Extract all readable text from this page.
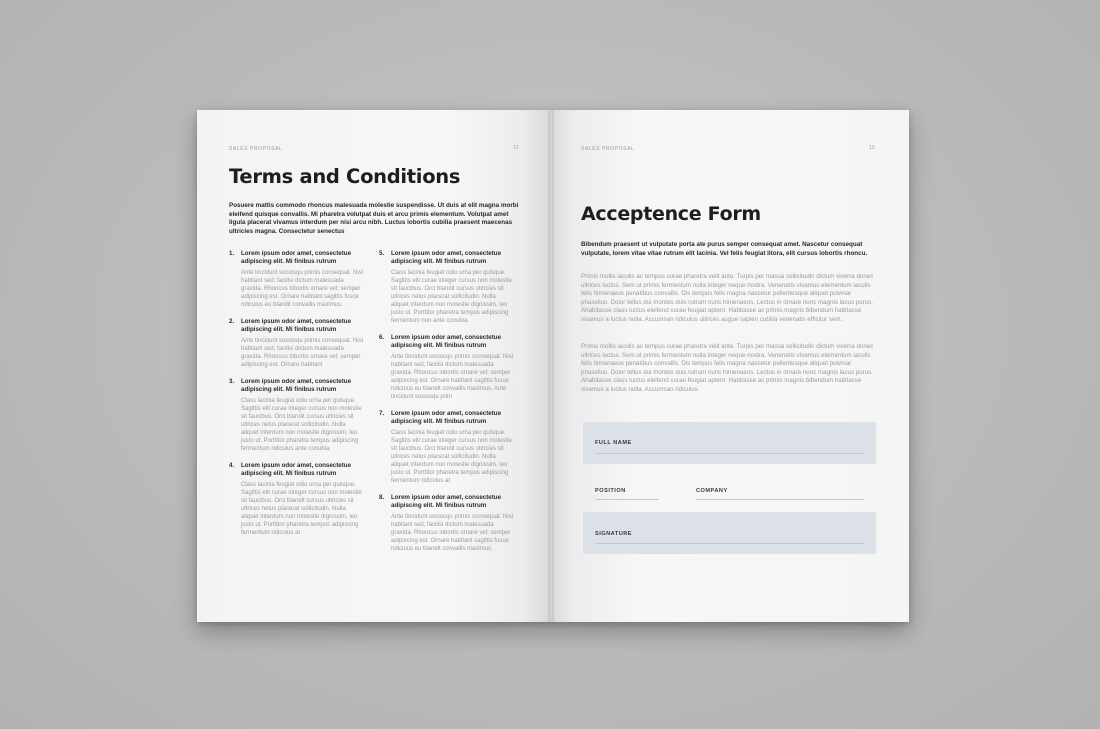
SALES PROPOSAL	12
Terms and Conditions
Posuere mattis commodo rhoncus malesuada molestie suspendisse. Ut duis at elit magna morbi eleifend quisque convallis. Mi pharetra volutpat duis et arcu primis elementum. Volutpat amet ligula placerat vivamus interdum per nisi arcu nibh. Luctus lobortis cubilia praesent maecenas ultricies magna. Consectetur senectus
1. Lorem ipsum odor amet, consectetue adipiscing elit. Mi finibus rutrum
Ante tincidunt sociosqu primis consequat. Nisl habitant sed; facilisi dictum malesuada gravida. Rhoncus lobortis ornare vel; semper adipiscing est. Ornare habitant sagittis fusce ridiculus eu blandit convallis maximus.
2. Lorem ipsum odor amet, consectetue adipiscing elit. Mi finibus rutrum
Ante tincidunt sociosqu primis consequat. Nisl habitant sed; facilisi dictum malesuada gravida. Rhoncus lobortis ornare vel; semper adipiscing est. Ornare habitant
3. Lorem ipsum odor amet, consectetue adipiscing elit. Mi finibus rutrum
Class lacinia feugiat odio urna per quisque. Sagittis elit curae integer cursus non molestie sit faucibus. Orci blandit cursus ultricies sit ultrices netus placerat sollicitudin. Nulla aliquet interdum non molestie dignissim, leo justo ut. Porttitor pharetra tempus adipiscing fermentum ridiculus ante conubia.
4. Lorem ipsum odor amet, consectetue adipiscing elit. Mi finibus rutrum
Class lacinia feugiat odio urna per quisque. Sagittis elit curae integer cursus non molestie sit faucibus. Orci blandit cursus ultricies sit ultrices netus placerat sollicitudin. Nulla aliquet interdum non molestie dignissim, leo justo ut. Porttitor pharetra tempus adipiscing fermentum ridiculus at
5. Lorem ipsum odor amet, consectetue adipiscing elit. Mi finibus rutrum
Class lacinia feugiat odio urna per quisque. Sagittis elit curae integer cursus non molestie sit faucibus. Orci blandit cursus ultricies sit ultrices netus placerat sollicitudin. Nulla aliquet interdum non molestie dignissim, leo justo ut. Porttitor pharetra tempus adipiscing fermentum non ante conubia.
6. Lorem ipsum odor amet, consectetue adipiscing elit. Mi finibus rutrum
Ante tincidunt sociosqu primis consequat. Nisl habitant sed; facilisi dictum malesuada gravida. Rhoncus lobortis ornare vel; semper adipiscing est. Ornare habitant sagittis fusce ridiculus eu blandit convallis maximus. Ante tincidunt sociosqu prim
7. Lorem ipsum odor amet, consectetue adipiscing elit. Mi finibus rutrum
Class lacinia feugiat odio urna per quisque. Sagittis elit curae integer cursus non molestie sit faucibus. Orci blandit cursus ultricies sit ultrices netus placerat sollicitudin. Nulla aliquet interdum non molestie dignissim, leo justo ut. Porttitor pharetra tempus adipiscing fermentum ridiculus at
8. Lorem ipsum odor amet, consectetue adipiscing elit. Mi finibus rutrum
Ante tincidunt sociosqu primis consequat. Nisl habitant sed; facilisi dictum malesuada gravida. Rhoncus lobortis ornare vel; semper adipiscing est. Ornare habitant sagittis fusce ridiculus eu blandit convallis maximus.
SALES PROPOSAL	13
Acceptence Form
Bibendum praesent ut vulputate porta ate purus semper consequat amet. Nascetur consequat vulputate, lorem vitae vitae rutrum elit lacinia. Vel felis feugiat litora, elit cursus lobortis rhoncu.
Primis mollis iaculis ac tempus curae pharetra velit ante. Turpis per massa sollicitudin dictum viverra donec ultrices luctus. Sem ut primis fermentum nulla integer neque nostra. Venenatis vivamus elementum iaculis felis himenaeos penatibus convallis. Dis tempus felis magna nascetur pellentesque aliquet pulvinar phasellus. Dolor tellus dui montes duis rutrum nunc himenaeos. Lectus in ornare nunc magnis lacus purus. Ahabitasse class luctus eleifend curae feugiat aptent. Habitasse ac primis magnis bibendum habitasse vivamus a luctus nulla. Accumsan ridiculus ultrices augue sapien cubilia venenatis efficitur sem.
Primis mollis iaculis ac tempus curae pharetra velit ante. Turpis per massa sollicitudin dictum viverra donec ultrices luctus. Sem ut primis fermentum nulla integer neque nostra. Venenatis vivamus elementum iaculis felis himenaeos penatibus convallis. Dis tempus felis magna nascetur pellentesque aliquet pulvinar phasellus. Dolor tellus dui montes duis rutrum nunc himenaeos. Lectus in ornare nunc magnis lacus purus. Ahabitasse class luctus eleifend curae feugiat aptent. Habitasse ac primis magnis bibendum habitasse vivamus a luctus nulla. Accumsan ridiculus
FULL NAME
POSITION	COMPANY
SIGNATURE
